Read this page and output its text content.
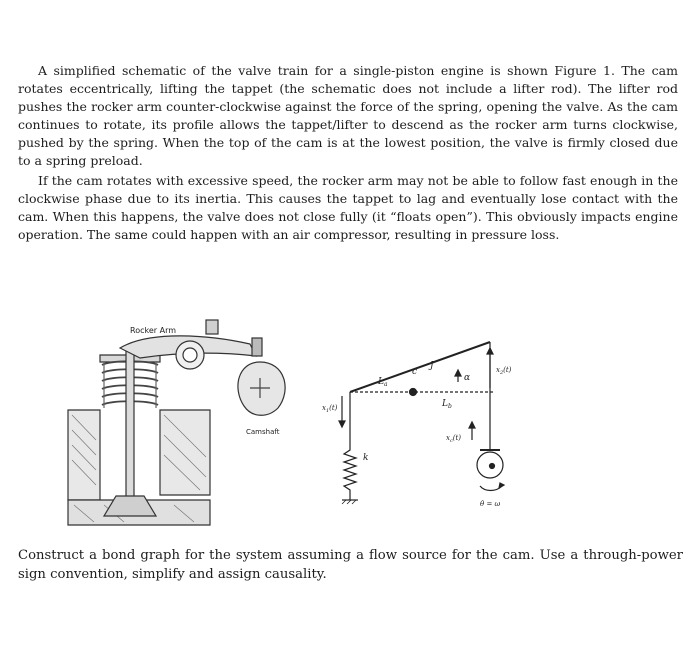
A simplified schematic of the valve train for a single-piston engine is shown Figure 1. The cam rotates eccentrically, lifting the tappet (the schematic does not include a lifter rod). The lifter rod pushes the rocker arm counter-clockwise against the force of the spring, opening the valve. As the cam continues to rotate, its profile allows the tappet/lifter to descend as the rocker arm turns clockwise, pushed by the spring. When the top of the cam is at the lowest position, the valve is firmly closed due to a spring preload.

If the cam rotates with excessive speed, the rocker arm may not be able to follow fast enough in the clockwise phase due to its inertia. This causes the tappet to lag and eventually lose contact with the cam. When this happens, the valve does not close fully (it “floats open”). This obviously impacts engine operation. The same could happen with an air compressor, resulting in pressure loss.

Rocker Arm
Camshaft
$L_a$
$L_b$
c
J
α
$x_1(t)$
$x_2(t)$
$x_c(t)$
k
θ̇ = ω

Construct a bond graph for the system assuming a flow source for the cam. Use a through-power sign convention, simplify and assign causality.
